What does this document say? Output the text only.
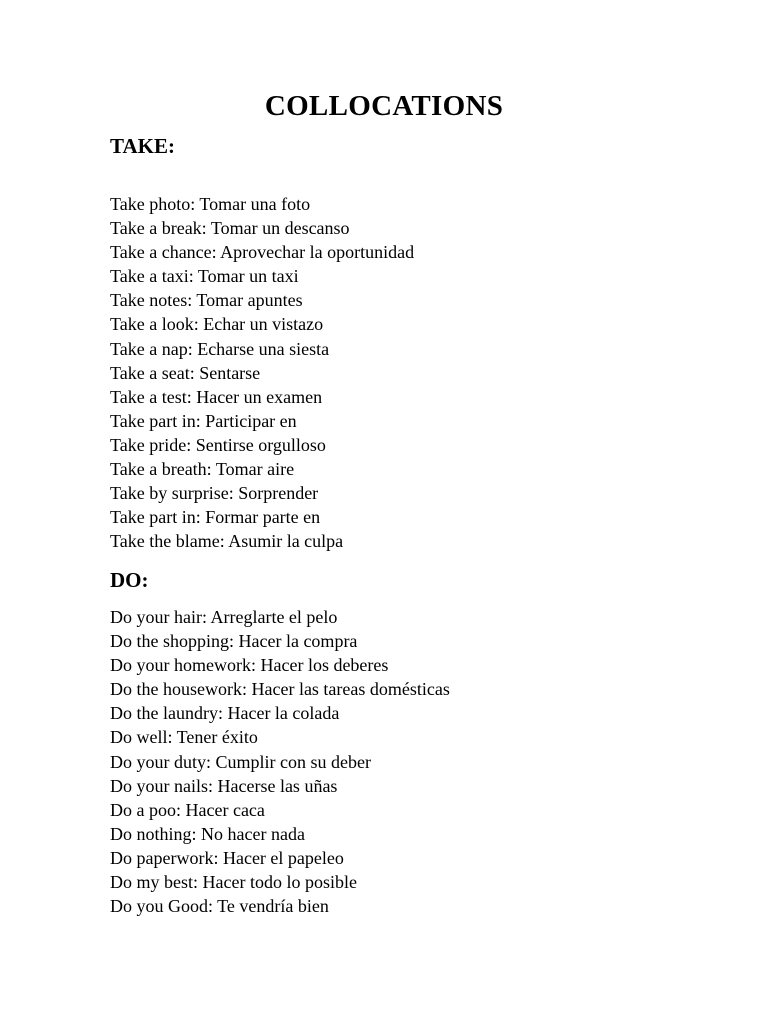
COLLOCATIONS
TAKE:
Take photo: Tomar una foto
Take a break: Tomar un descanso
Take a chance: Aprovechar la oportunidad
Take a taxi: Tomar un taxi
Take notes: Tomar apuntes
Take a look: Echar un vistazo
Take a nap: Echarse una siesta
Take a seat: Sentarse
Take a test: Hacer un examen
Take part in: Participar en
Take pride: Sentirse orgulloso
Take a breath: Tomar aire
Take by surprise: Sorprender
Take part in: Formar parte en
Take the blame: Asumir la culpa
DO:
Do your hair: Arreglarte el pelo
Do the shopping: Hacer la compra
Do your homework: Hacer los deberes
Do the housework: Hacer las tareas domésticas
Do the laundry: Hacer la colada
Do well: Tener éxito
Do your duty: Cumplir con su deber
Do your nails: Hacerse las uñas
Do a poo: Hacer caca
Do nothing: No hacer nada
Do paperwork: Hacer el papeleo
Do my best: Hacer todo lo posible
Do you Good: Te vendría bien
